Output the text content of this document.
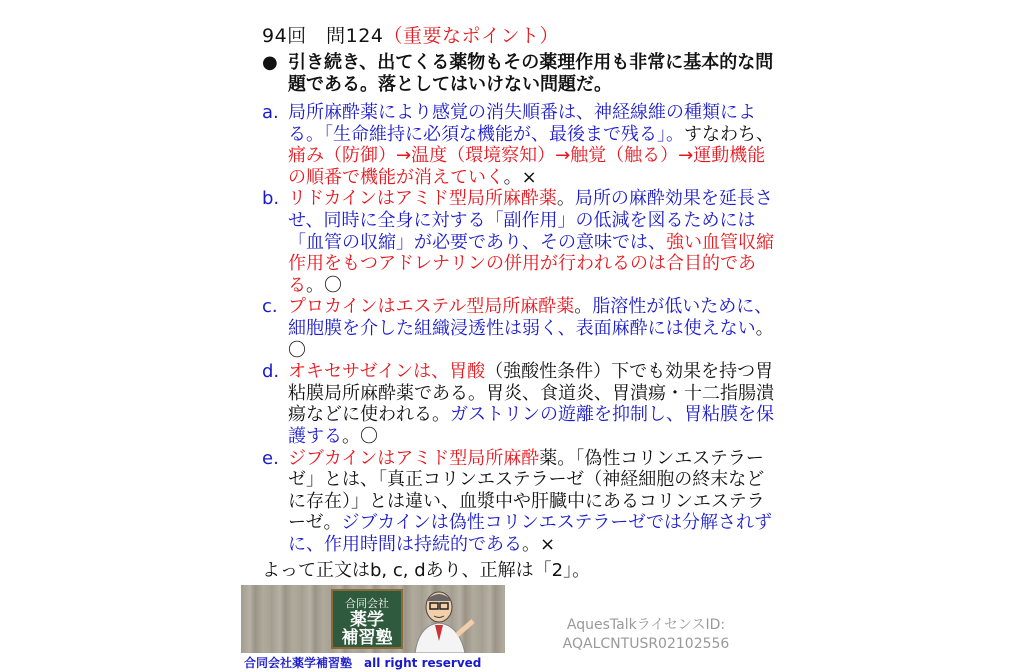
94回　問124（重要なポイント）
● 引き続き、出てくる薬物もその薬理作用も非常に基本的な問題である。落としてはいけない問題だ。

a. 局所麻酔薬により感覚の消失順番は、神経線維の種類による。「生命維持に必須な機能が、最後まで残る」。すなわち、痛み（防御）→温度（環境察知）→触覚（触る）→運動機能の順番で機能が消えていく。×

b. リドカインはアミド型局所麻酔薬。局所の麻酔効果を延長させ、同時に全身に対する「副作用」の低減を図るためには「血管の収縮」が必要であり、その意味では、強い血管収縮作用をもつアドレナリンの併用が行われるのは合目的である。〇

c. プロカインはエステル型局所麻酔薬。脂溶性が低いために、細胞膜を介した組織浸透性は弱く、表面麻酔には使えない。〇

d. オキセサゼインは、胃酸（強酸性条件）下でも効果を持つ胃粘膜局所麻酔薬である。胃炎、食道炎、胃潰瘍・十二指腸潰瘍などに使われる。ガストリンの遊離を抑制し、胃粘膜を保護する。〇

e. ジブカインはアミド型局所麻酔薬。「偽性コリンエステラーゼ」とは、「真正コリンエステラーゼ（神経細胞の終末などに存在）」とは違い、血漿中や肝臓中にあるコリンエステラーゼ。ジブカインは偽性コリンエステラーゼでは分解されずに、作用時間は持続的である。×

よって正文はb, c, dあり、正解は「2」。
合同会社
薬学
補習塾
合同会社薬学補習塾　all right reserved
AquesTalkライセンスID:
AQALCNTUSR02102556
